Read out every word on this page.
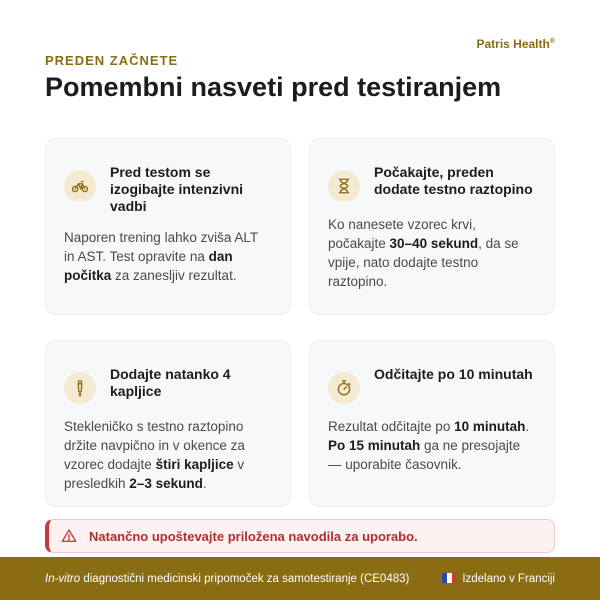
Patris Health®
PREDEN ZAČNETE
Pomembni nasveti pred testiranjem
Pred testom se izogibajte intenzivni vadbi

Naporen trening lahko zviša ALT in AST. Test opravite na dan počitka za zanesljiv rezultat.

Počakajte, preden dodate testno raztopino

Ko nanesete vzorec krvi, počakajte 30–40 sekund, da se vpije, nato dodajte testno raztopino.

Dodajte natanko 4 kapljice

Stekleničko s testno raztopino držite navpično in v okence za vzorec dodajte štiri kapljice v presledkih 2–3 sekund.

Odčitajte po 10 minutah

Rezultat odčitajte po 10 minutah. Po 15 minutah ga ne presojajte — uporabite časovnik.

Natančno upoštevajte priložena navodila za uporabo.
In-vitro diagnostični medicinski pripomoček za samotestiranje (CE0483)	Izdelano v Franciji
